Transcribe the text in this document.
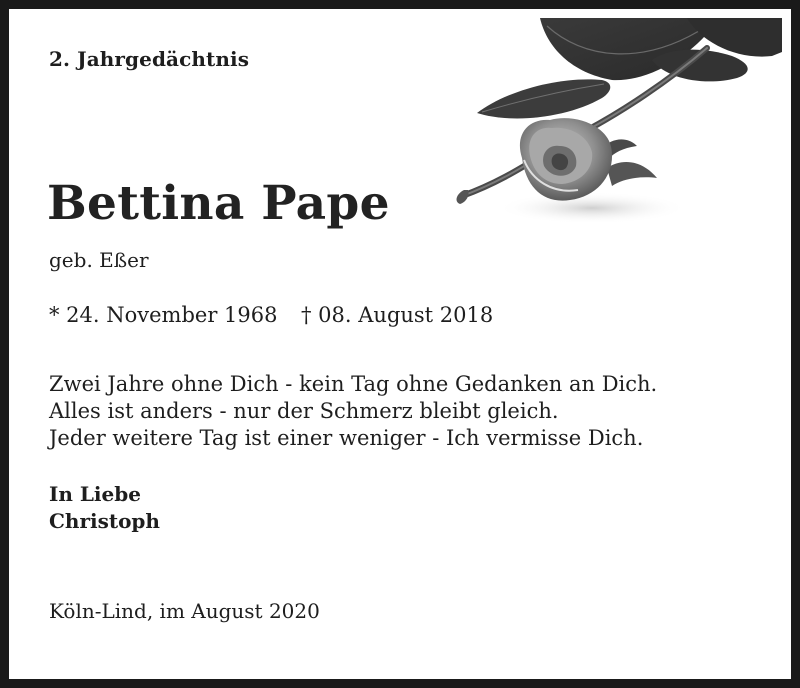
2. Jahrgedächtnis
Bettina Pape
geb. Eßer
* 24. November 1968 † 08. August 2018
Zwei Jahre ohne Dich - kein Tag ohne Gedanken an Dich.
Alles ist anders - nur der Schmerz bleibt gleich.
Jeder weitere Tag ist einer weniger - Ich vermisse Dich.
In Liebe
Christoph
Köln-Lind, im August 2020
